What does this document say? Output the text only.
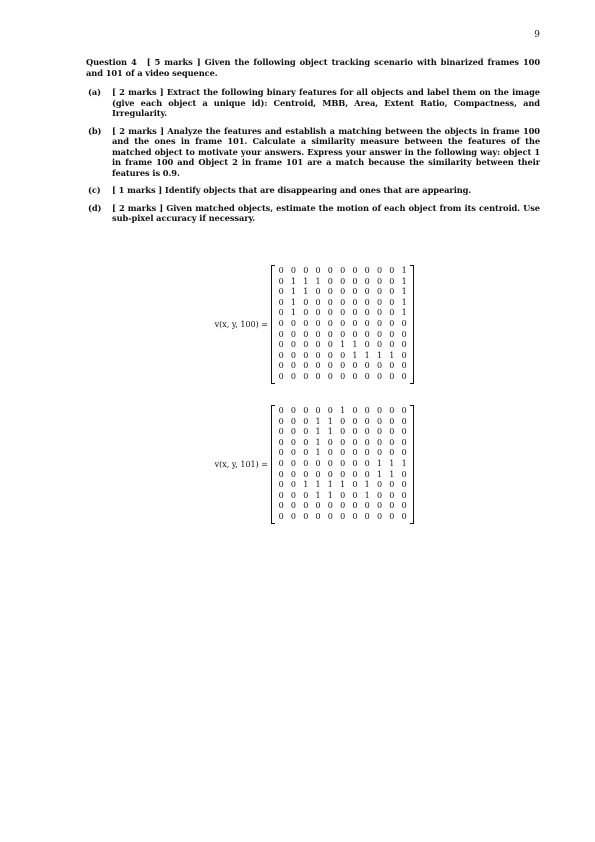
9

Question 4 [ 5 marks ] Given the following object tracking scenario with binarized frames 100 and 101 of a video sequence.

(a)	[ 2 marks ] Extract the following binary features for all objects and label them on the image (give each object a unique id): Centroid, MBB, Area, Extent Ratio, Compactness, and Irregularity.
(b)	[ 2 marks ] Analyze the features and establish a matching between the objects in frame 100 and the ones in frame 101. Calculate a similarity measure between the features of the matched object to motivate your answers. Express your answer in the following way: object 1 in frame 100 and Object 2 in frame 101 are a match because the similarity between their features is 0.9.
(c)	[ 1 marks ] Identify objects that are disappearing and ones that are appearing.
(d)	[ 2 marks ] Given matched objects, estimate the motion of each object from its centroid. Use sub-pixel accuracy if necessary.
v(x, y, 100) =
0 0 0 0 0 0 0 0 0 0 1
0 1 1 1 0 0 0 0 0 0 1
0 1 1 0 0 0 0 0 0 0 1
0 1 0 0 0 0 0 0 0 0 1
0 1 0 0 0 0 0 0 0 0 1
0 0 0 0 0 0 0 0 0 0 0
0 0 0 0 0 0 0 0 0 0 0
0 0 0 0 0 1 1 0 0 0 0
0 0 0 0 0 0 1 1 1 1 0
0 0 0 0 0 0 0 0 0 0 0
0 0 0 0 0 0 0 0 0 0 0
v(x, y, 101) =
0 0 0 0 0 1 0 0 0 0 0
0 0 0 1 1 0 0 0 0 0 0
0 0 0 1 1 0 0 0 0 0 0
0 0 0 1 0 0 0 0 0 0 0
0 0 0 1 0 0 0 0 0 0 0
0 0 0 0 0 0 0 0 1 1 1
0 0 0 0 0 0 0 0 1 1 0
0 0 1 1 1 1 0 1 0 0 0
0 0 0 1 1 0 0 1 0 0 0
0 0 0 0 0 0 0 0 0 0 0
0 0 0 0 0 0 0 0 0 0 0
